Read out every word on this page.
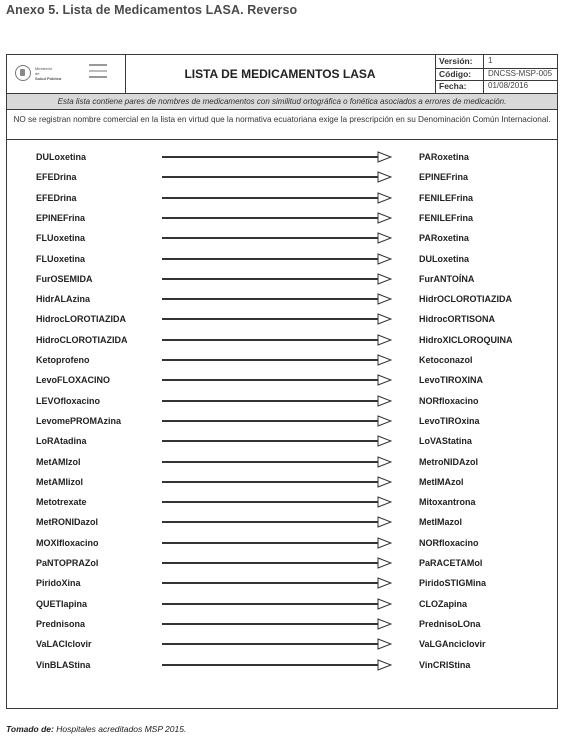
Anexo 5. Lista de Medicamentos LASA. Reverso
Ministerio
de
Salud Pública	LISTA DE MEDICAMENTOS LASA
Versión:	1
Código:	DNCSS-MSP-005
Fecha:	01/08/2016
Esta lista contiene pares de nombres de medicamentos con similitud ortográfica o fonética asociados a errores de medicación.
NO se registran nombre comercial en la lista en virtud que la normativa ecuatoriana exige la prescripción en su Denominación Común Internacional.
DULoxetina	PARoxetina
EFEDrina	EPINEFrina
EFEDrina	FENILEFrina
EPINEFrina	FENILEFrina
FLUoxetina	PARoxetina
FLUoxetina	DULoxetina
FurOSEMIDA	FurANTOÍNA
HidrALAzina	HidrOCLOROTIAZIDA
HidrocLOROTIAZIDA	HidrocORTISONA
HidroCLOROTIAZIDA	HidroXICLOROQUINA
Ketoprofeno	Ketoconazol
LevoFLOXACINO	LevoTIROXINA
LEVOfloxacino	NORfloxacino
LevomePROMAzina	LevoTIROxina
LoRAtadina	LoVAStatina
MetAMIzol	MetroNIDAzol
MetAMIizol	MetIMAzol
Metotrexate	Mitoxantrona
MetRONIDazol	MetIMazol
MOXIfloxacino	NORfloxacino
PaNTOPRAZol	PaRACETAMol
PiridoXina	PiridoSTIGMina
QUETIapina	CLOZapina
Prednisona	PrednisoLOna
VaLACIclovir	VaLGAnciclovir
VinBLAStina	VinCRIStina
Tomado de: Hospitales acreditados MSP 2015.
